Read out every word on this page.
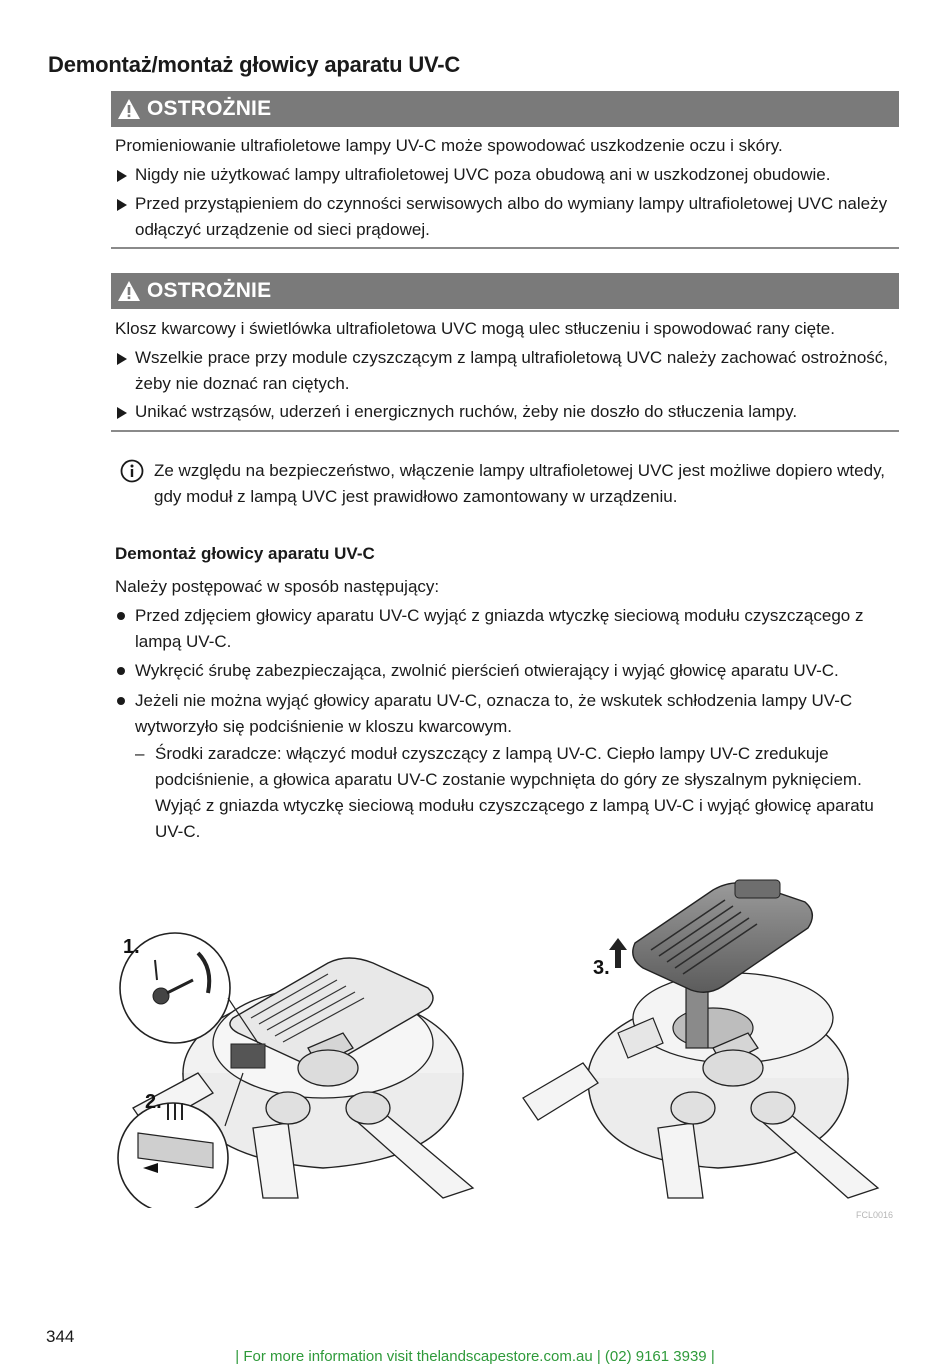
Demontaż/montaż głowicy aparatu UV-C
OSTROŻNIE

Promieniowanie ultrafioletowe lampy UV-C może spowodować uszkodzenie oczu i skóry.

Nigdy nie użytkować lampy ultrafioletowej UVC poza obudową ani w uszkodzonej obudowie.
Przed przystąpieniem do czynności serwisowych albo do wymiany lampy ultrafioletowej UVC należy odłączyć urządzenie od sieci prądowej.
OSTROŻNIE

Klosz kwarcowy i świetlówka ultrafioletowa UVC mogą ulec stłuczeniu i spowodować rany cięte.

Wszelkie prace przy module czyszczącym z lampą ultrafioletową UVC należy zachować ostrożność, żeby nie doznać ran ciętych.
Unikać wstrząsów, uderzeń i energicznych ruchów, żeby nie doszło do stłuczenia lampy.

Ze względu na bezpieczeństwo, włączenie lampy ultrafioletowej UVC jest możliwe dopiero wtedy, gdy moduł z lampą UVC jest prawidłowo zamontowany w urządzeniu.

Demontaż głowicy aparatu UV-C

Należy postępować w sposób następujący:

Przed zdjęciem głowicy aparatu UV-C wyjąć z gniazda wtyczkę sieciową modułu czyszczącego z lampą UV-C.
Wykręcić śrubę zabezpieczająca, zwolnić pierścień otwierający i wyjąć głowicę aparatu UV-C.
Jeżeli nie można wyjąć głowicy aparatu UV-C, oznacza to, że wskutek schłodzenia lampy UV-C wytworzyło się podciśnienie w kloszu kwarcowym.
– Środki zaradcze: włączyć moduł czyszczący z lampą UV-C. Ciepło lampy UV-C zredukuje podciśnienie, a głowica aparatu UV-C zostanie wypchnięta do góry ze słyszalnym pyknięciem. Wyjąć z gniazda wtyczkę sieciową modułu czyszczącego z lampą UV-C i wyjąć głowicę aparatu UV-C.
1.
2.
3.
FCL0016
344
| For more information visit thelandscapestore.com.au | (02) 9161 3939 |
